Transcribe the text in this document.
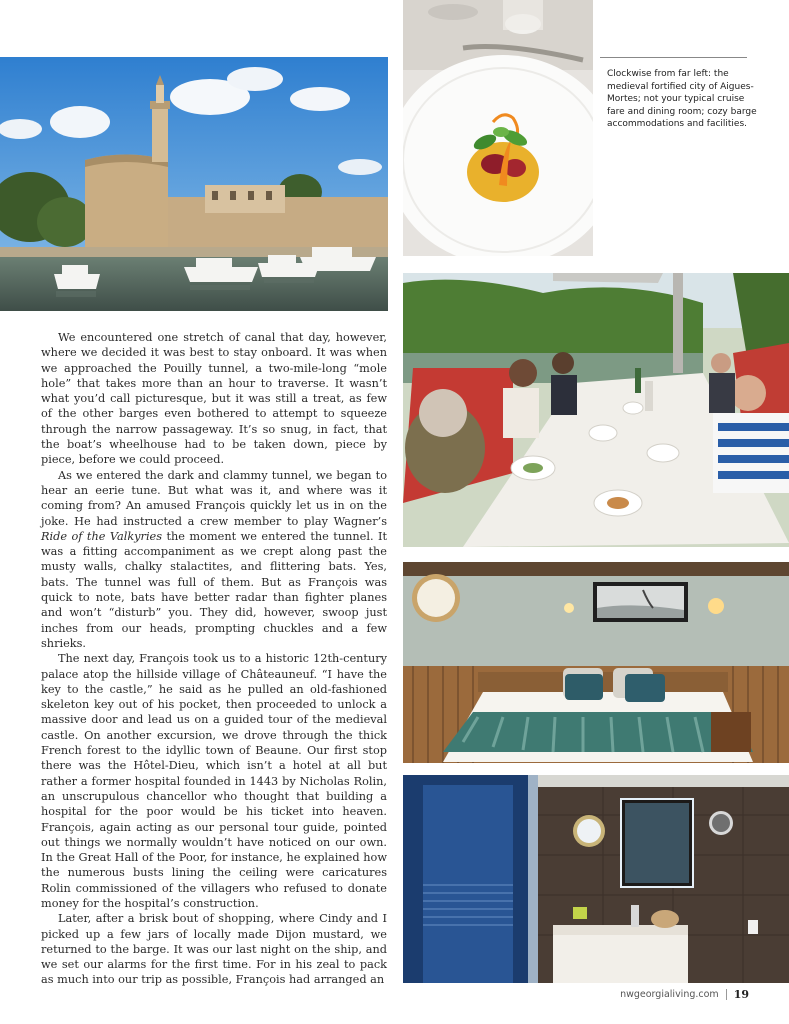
Clockwise from far left: the medieval fortified city of Aigues-Mortes; not your typical cruise fare and dining room; cozy barge accommodations and facilities.

We encountered one stretch of canal that day, however, where we decided it was best to stay onboard. It was when we approached the Pouilly tunnel, a two-mile-long “mole hole” that takes more than an hour to traverse. It wasn’t what you’d call picturesque, but it was still a treat, as few of the other barges even bothered to attempt to squeeze through the narrow passageway. It’s so snug, in fact, that the boat’s wheelhouse had to be taken down, piece by piece, before we could proceed.

As we entered the dark and clammy tunnel, we began to hear an eerie tune. But what was it, and where was it coming from? An amused François quickly let us in on the joke. He had instructed a crew member to play Wagner’s Ride of the Valkyries the moment we entered the tunnel. It was a fitting accompaniment as we crept along past the musty walls, chalky stalactites, and flittering bats. Yes, bats. The tunnel was full of them. But as François was quick to note, bats have better radar than fighter planes and won’t “disturb” you. They did, however, swoop just inches from our heads, prompting chuckles and a few shrieks.

The next day, François took us to a historic 12th-century palace atop the hillside village of Châteauneuf. “I have the key to the castle,” he said as he pulled an old-fashioned skeleton key out of his pocket, then proceeded to unlock a massive door and lead us on a guided tour of the medieval castle. On another excursion, we drove through the thick French forest to the idyllic town of Beaune. Our first stop there was the Hôtel-Dieu, which isn’t a hotel at all but rather a former hospital founded in 1443 by Nicholas Rolin, an unscrupulous chancellor who thought that building a hospital for the poor would be his ticket into heaven. François, again acting as our personal tour guide, pointed out things we normally wouldn’t have noticed on our own. In the Great Hall of the Poor, for instance, he explained how the numerous busts lining the ceiling were caricatures Rolin commissioned of the villagers who refused to donate money for the hospital’s construction.

Later, after a brisk bout of shopping, where Cindy and I picked up a few jars of locally made Dijon mustard, we returned to the barge. It was our last night on the ship, and we set our alarms for the first time. For in his zeal to pack as much into our trip as possible, François had arranged an

nwgeorgialiving.com 19
